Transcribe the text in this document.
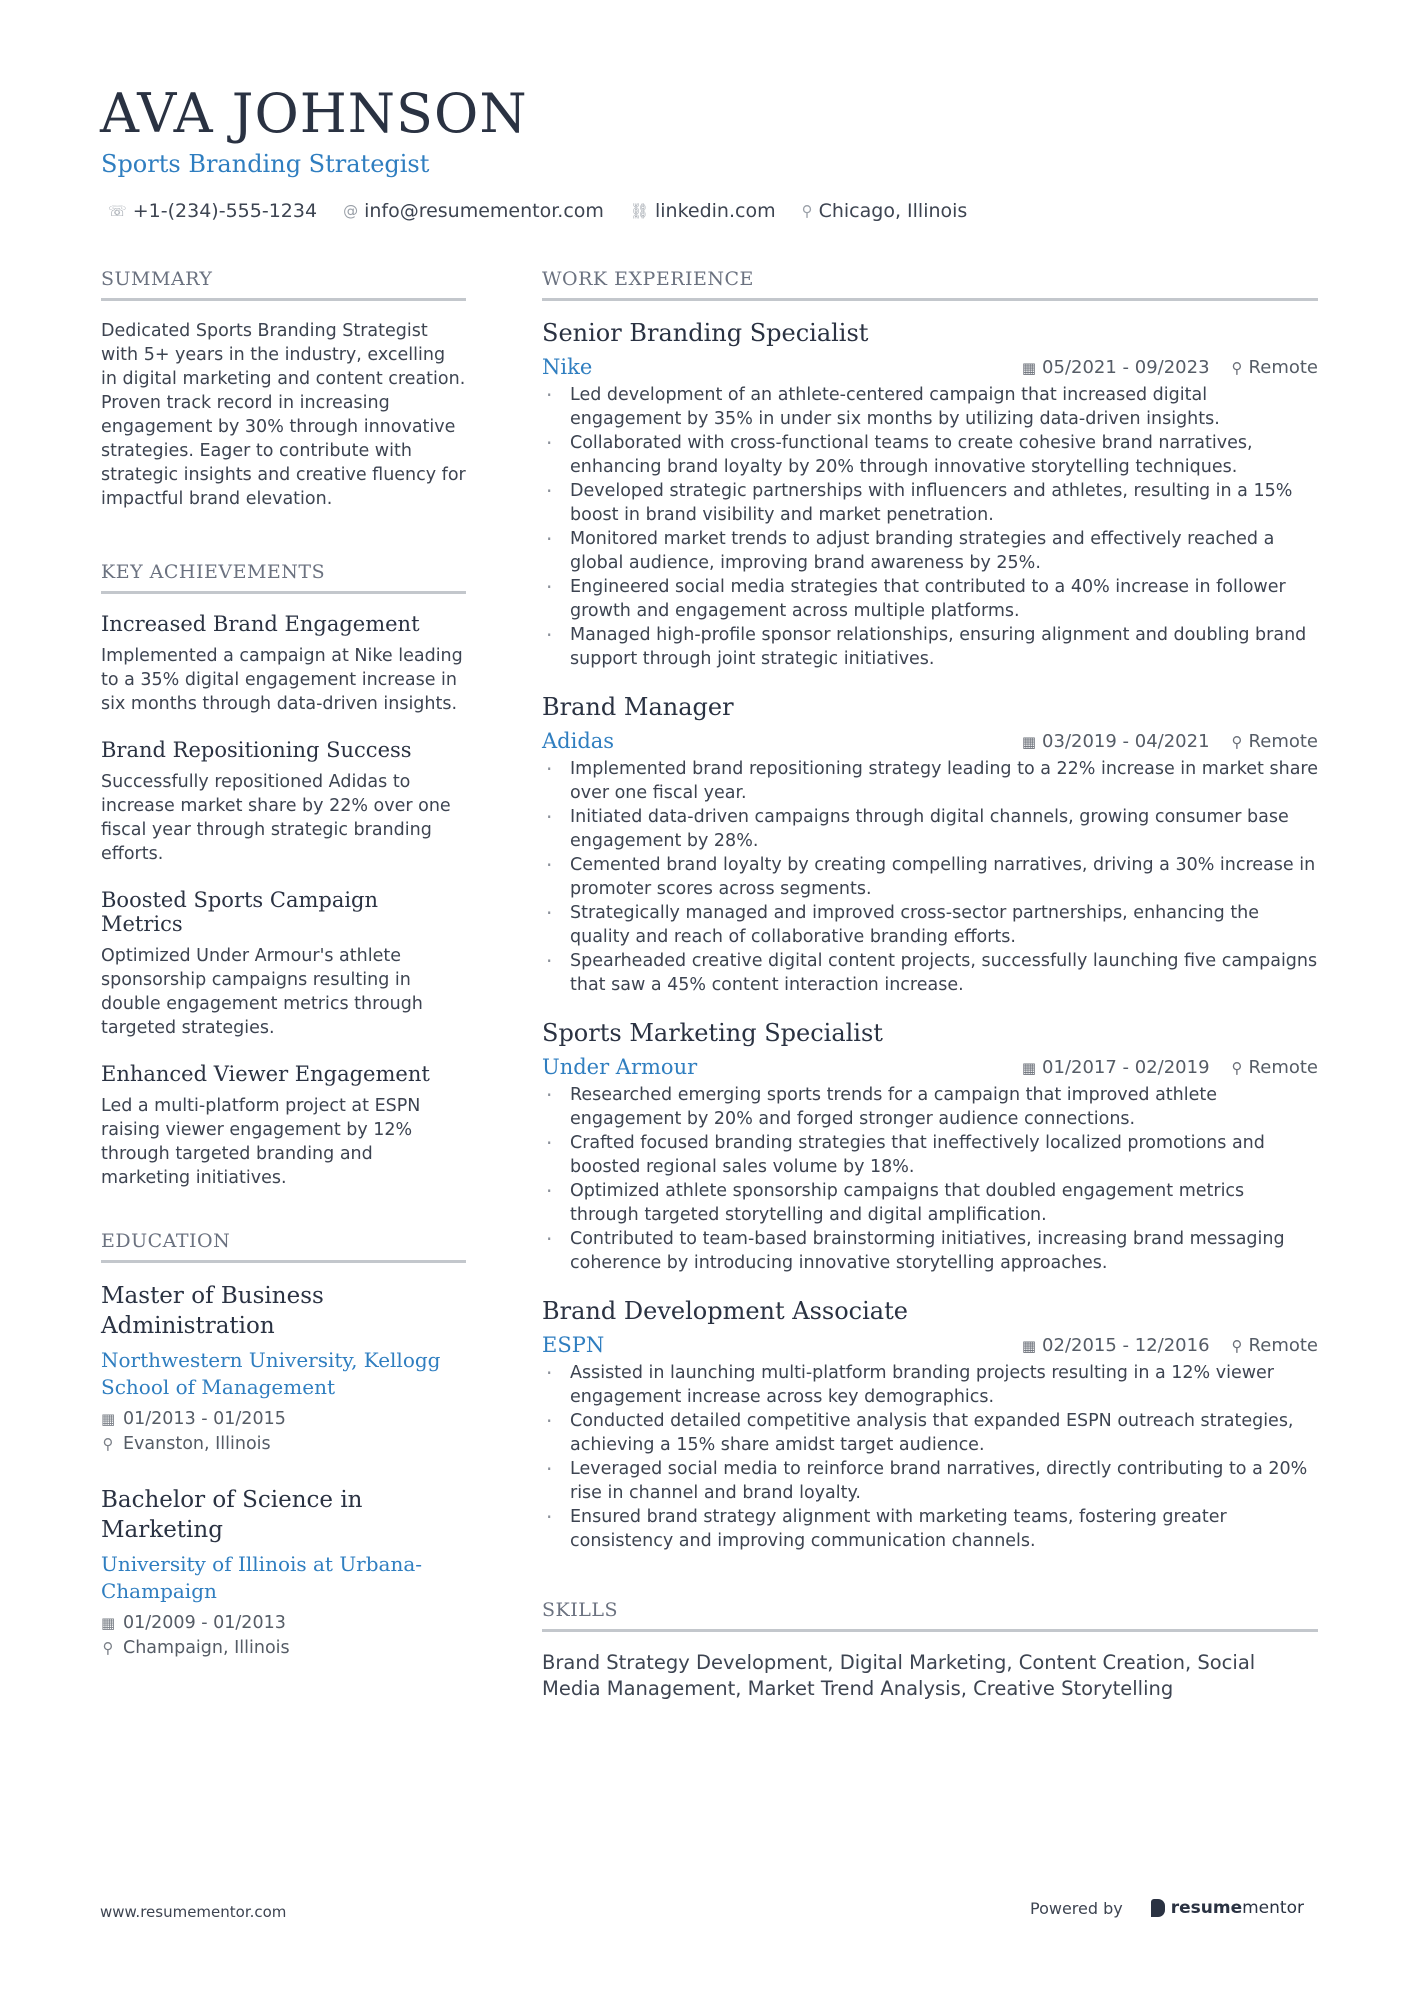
AVA JOHNSON
Sports Branding Strategist
☏ +1-(234)-555-1234 @ info@resumementor.com ⛓ linkedin.com ⚲ Chicago, Illinois
SUMMARY

Dedicated Sports Branding Strategist with 5+ years in the industry, excelling in digital marketing and content creation. Proven track record in increasing engagement by 30% through innovative strategies. Eager to contribute with strategic insights and creative fluency for impactful brand elevation.

KEY ACHIEVEMENTS
Increased Brand Engagement

Implemented a campaign at Nike leading to a 35% digital engagement increase in six months through data-driven insights.

Brand Repositioning Success

Successfully repositioned Adidas to increase market share by 22% over one fiscal year through strategic branding efforts.

Boosted Sports Campaign Metrics

Optimized Under Armour's athlete sponsorship campaigns resulting in double engagement metrics through targeted strategies.

Enhanced Viewer Engagement

Led a multi-platform project at ESPN raising viewer engagement by 12% through targeted branding and marketing initiatives.

EDUCATION
Master of Business Administration
Northwestern University, Kellogg School of Management
▦ 01/2013 - 01/2015
⚲ Evanston, Illinois
Bachelor of Science in Marketing
University of Illinois at Urbana-Champaign
▦ 01/2009 - 01/2013
⚲ Champaign, Illinois
WORK EXPERIENCE
Senior Branding Specialist
Nike	▦ 05/2021 - 09/2023 ⚲ Remote
· Led development of an athlete-centered campaign that increased digital engagement by 35% in under six months by utilizing data-driven insights.
· Collaborated with cross-functional teams to create cohesive brand narratives, enhancing brand loyalty by 20% through innovative storytelling techniques.
· Developed strategic partnerships with influencers and athletes, resulting in a 15% boost in brand visibility and market penetration.
· Monitored market trends to adjust branding strategies and effectively reached a global audience, improving brand awareness by 25%.
· Engineered social media strategies that contributed to a 40% increase in follower growth and engagement across multiple platforms.
· Managed high-profile sponsor relationships, ensuring alignment and doubling brand support through joint strategic initiatives.
Brand Manager
Adidas	▦ 03/2019 - 04/2021 ⚲ Remote
· Implemented brand repositioning strategy leading to a 22% increase in market share over one fiscal year.
· Initiated data-driven campaigns through digital channels, growing consumer base engagement by 28%.
· Cemented brand loyalty by creating compelling narratives, driving a 30% increase in promoter scores across segments.
· Strategically managed and improved cross-sector partnerships, enhancing the quality and reach of collaborative branding efforts.
· Spearheaded creative digital content projects, successfully launching five campaigns that saw a 45% content interaction increase.
Sports Marketing Specialist
Under Armour	▦ 01/2017 - 02/2019 ⚲ Remote
· Researched emerging sports trends for a campaign that improved athlete engagement by 20% and forged stronger audience connections.
· Crafted focused branding strategies that ineffectively localized promotions and boosted regional sales volume by 18%.
· Optimized athlete sponsorship campaigns that doubled engagement metrics through targeted storytelling and digital amplification.
· Contributed to team-based brainstorming initiatives, increasing brand messaging coherence by introducing innovative storytelling approaches.
Brand Development Associate
ESPN	▦ 02/2015 - 12/2016 ⚲ Remote
· Assisted in launching multi-platform branding projects resulting in a 12% viewer engagement increase across key demographics.
· Conducted detailed competitive analysis that expanded ESPN outreach strategies, achieving a 15% share amidst target audience.
· Leveraged social media to reinforce brand narratives, directly contributing to a 20% rise in channel and brand loyalty.
· Ensured brand strategy alignment with marketing teams, fostering greater consistency and improving communication channels.
SKILLS

Brand Strategy Development, Digital Marketing, Content Creation, Social Media Management, Market Trend Analysis, Creative Storytelling

www.resumementor.com	Powered by	resume mentor
